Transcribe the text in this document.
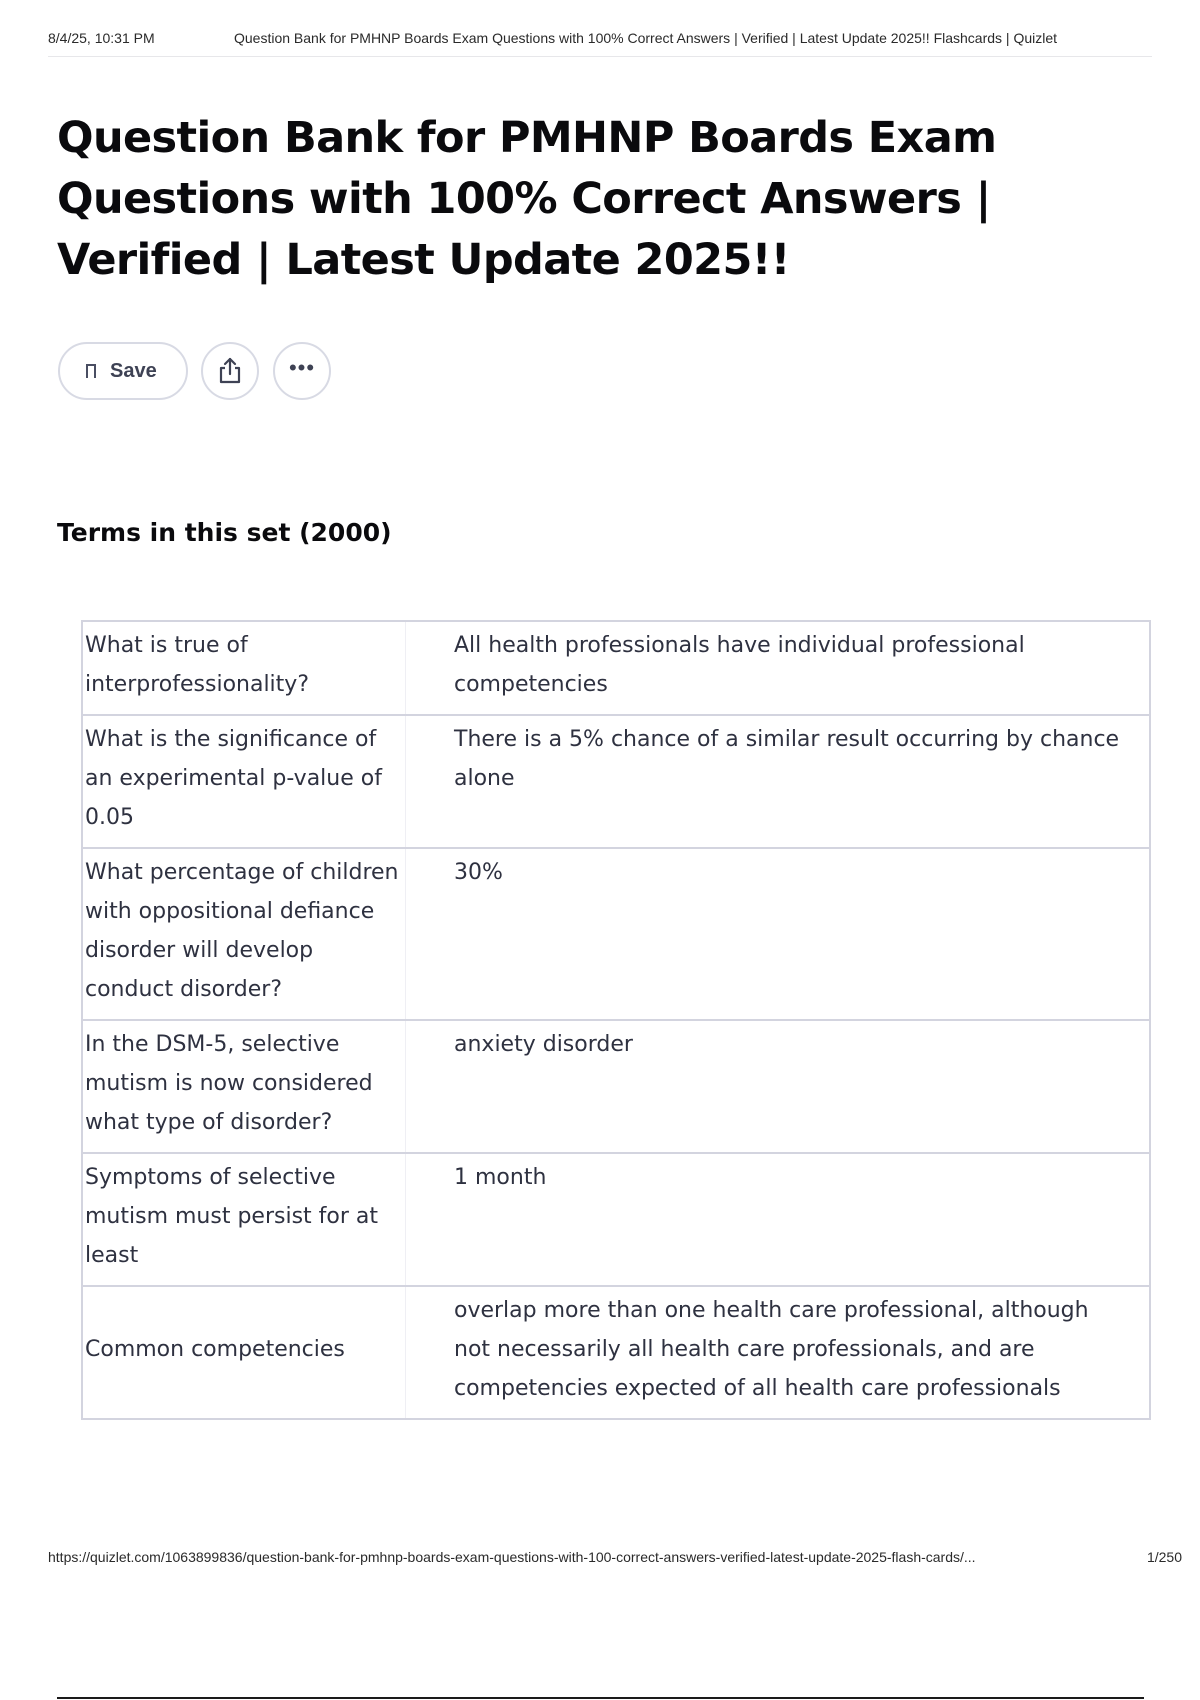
8/4/25, 10:31 PM	Question Bank for PMHNP Boards Exam Questions with 100% Correct Answers | Verified | Latest Update 2025!! Flashcards | Quizlet
Question Bank for PMHNP Boards Exam Questions with 100% Correct Answers | Verified | Latest Update 2025!!
Save	•••
Terms in this set (2000)
What is true of interprofessionality?	All health professionals have individual professional competencies
What is the significance of an experimental p-value of 0.05	There is a 5% chance of a similar result occurring by chance alone
What percentage of children with oppositional defiance disorder will develop conduct disorder?	30%
In the DSM-5, selective mutism is now considered what type of disorder?	anxiety disorder
Symptoms of selective mutism must persist for at least	1 month
Common competencies	overlap more than one health care professional, although not necessarily all health care professionals, and are competencies expected of all health care professionals
https://quizlet.com/1063899836/question-bank-for-pmhnp-boards-exam-questions-with-100-correct-answers-verified-latest-update-2025-flash-cards/...	1/250
